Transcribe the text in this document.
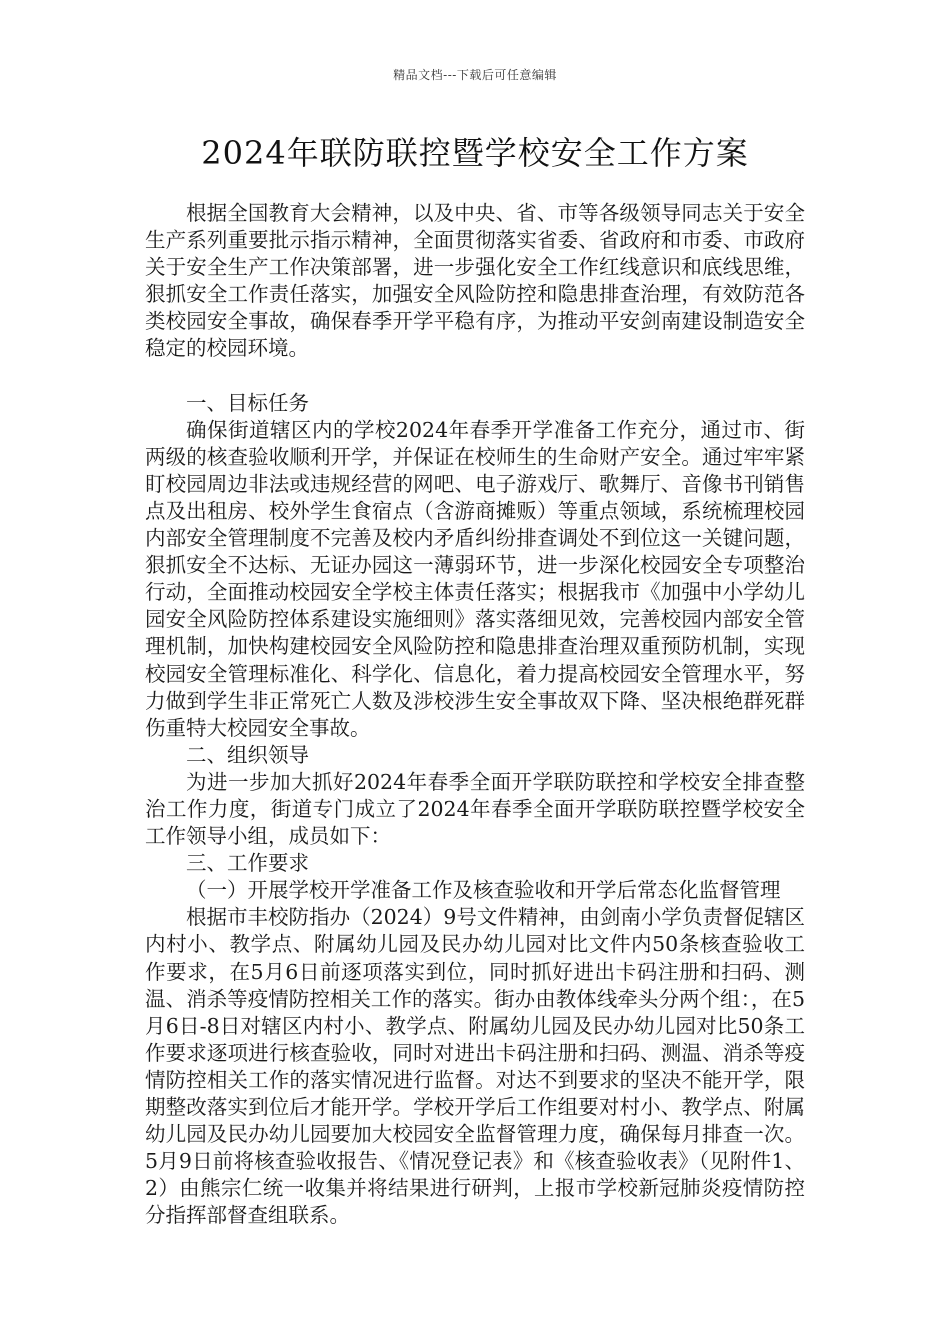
精品文档---下载后可任意编辑
2024年联防联控暨学校安全工作方案

根据全国教育大会精神，以及中央、省、市等各级领导同志关于安全生产系列重要批示指示精神，全面贯彻落实省委、省政府和市委、市政府关于安全生产工作决策部署，进一步强化安全工作红线意识和底线思维，狠抓安全工作责任落实，加强安全风险防控和隐患排查治理，有效防范各类校园安全事故，确保春季开学平稳有序，为推动平安剑南建设制造安全稳定的校园环境。

一、目标任务

确保街道辖区内的学校2024年春季开学准备工作充分，通过市、街两级的核查验收顺利开学，并保证在校师生的生命财产安全。通过牢牢紧盯校园周边非法或违规经营的网吧、电子游戏厅、歌舞厅、音像书刊销售点及出租房、校外学生食宿点（含游商摊贩）等重点领域，系统梳理校园内部安全管理制度不完善及校内矛盾纠纷排查调处不到位这一关键问题，狠抓安全不达标、无证办园这一薄弱环节，进一步深化校园安全专项整治行动，全面推动校园安全学校主体责任落实；根据我市《加强中小学幼儿园安全风险防控体系建设实施细则》落实落细见效，完善校园内部安全管理机制，加快构建校园安全风险防控和隐患排查治理双重预防机制，实现校园安全管理标准化、科学化、信息化，着力提高校园安全管理水平，努力做到学生非正常死亡人数及涉校涉生安全事故双下降、坚决根绝群死群伤重特大校园安全事故。

二、组织领导

为进一步加大抓好2024年春季全面开学联防联控和学校安全排查整治工作力度，街道专门成立了2024年春季全面开学联防联控暨学校安全工作领导小组，成员如下：

三、工作要求

（一）开展学校开学准备工作及核查验收和开学后常态化监督管理

根据市丰校防指办（2024）9号文件精神，由剑南小学负责督促辖区内村小、教学点、附属幼儿园及民办幼儿园对比文件内50条核查验收工作要求，在5月6日前逐项落实到位，同时抓好进出卡码注册和扫码、测温、消杀等疫情防控相关工作的落实。街办由教体线牵头分两个组：，在5月6日-8日对辖区内村小、教学点、附属幼儿园及民办幼儿园对比50条工作要求逐项进行核查验收，同时对进出卡码注册和扫码、测温、消杀等疫情防控相关工作的落实情况进行监督。对达不到要求的坚决不能开学，限期整改落实到位后才能开学。学校开学后工作组要对村小、教学点、附属幼儿园及民办幼儿园要加大校园安全监督管理力度，确保每月排查一次。5月9日前将核查验收报告、《情况登记表》和《核查验收表》（见附件1、2）由熊宗仁统一收集并将结果进行研判，上报市学校新冠肺炎疫情防控分指挥部督查组联系。
